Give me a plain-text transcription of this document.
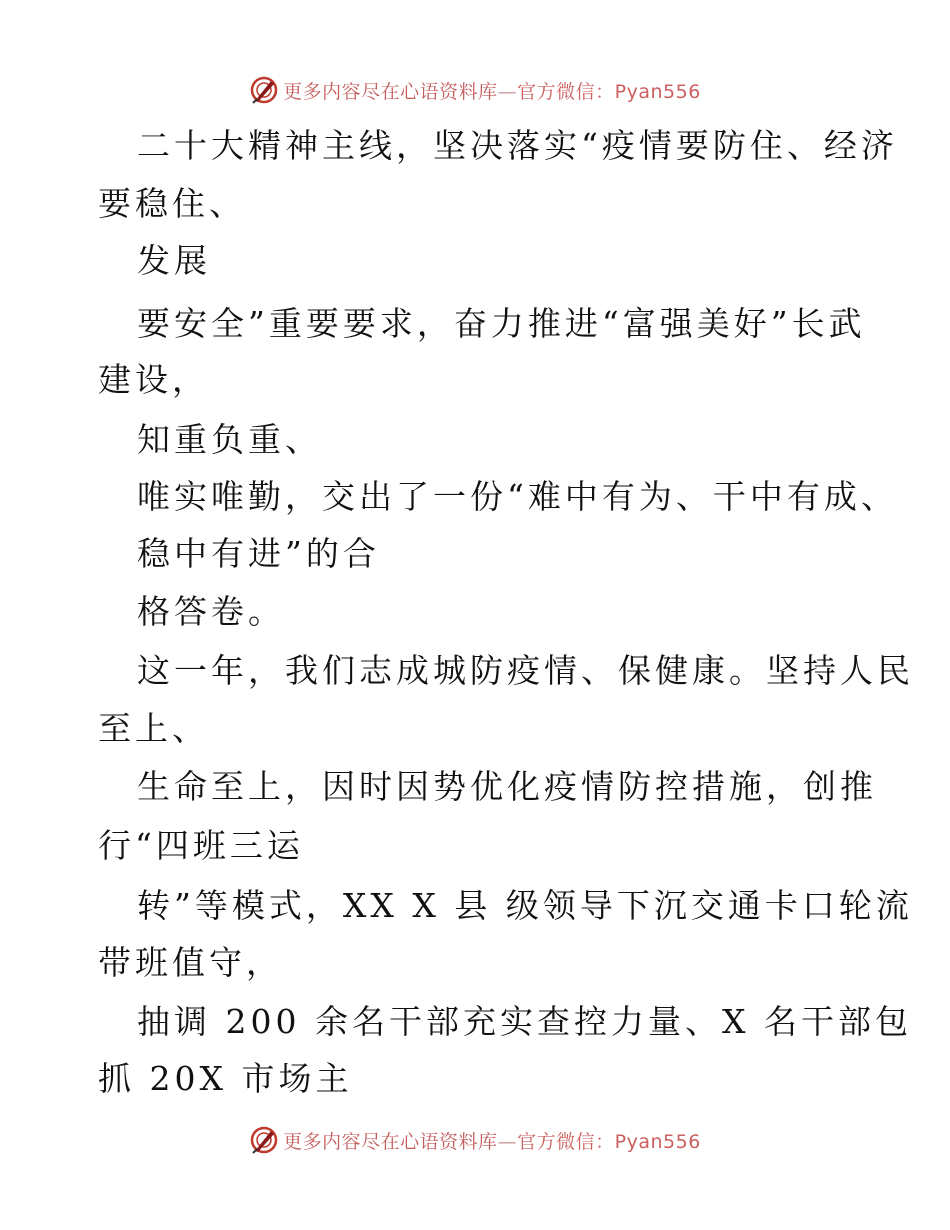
更多内容尽在心语资料库—官方微信：Pyan556
二十大精神主线，坚决落实“疫情要防住、经济
要稳住、
发展
要安全”重要要求，奋力推进“富强美好”长武
建设，
知重负重、
唯实唯勤，交出了一份“难中有为、干中有成、
稳中有进”的合
格答卷。
这一年，我们志成城防疫情、保健康。坚持人民
至上、
生命至上，因时因势优化疫情防控措施，创推
行“四班三运
转”等模式，XX X 县 级领导下沉交通卡口轮流
带班值守，
抽调 200 余名干部充实查控力量、X 名干部包
抓 20X 市场主
更多内容尽在心语资料库—官方微信：Pyan556
